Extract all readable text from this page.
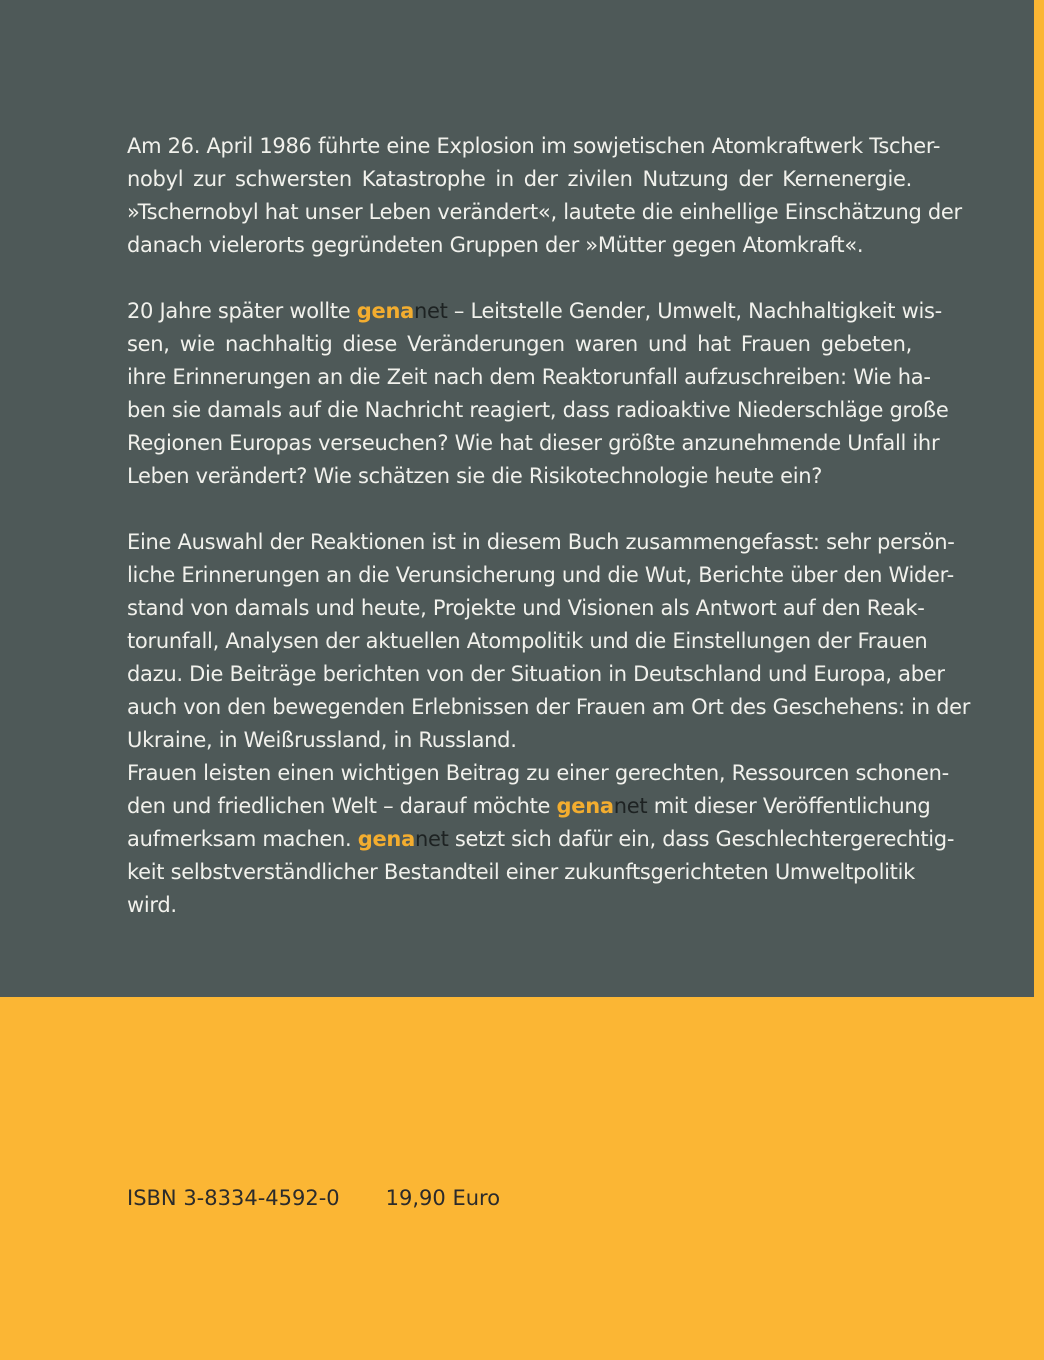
Am 26. April 1986 führte eine Explosion im sowjetischen Atomkraftwerk Tscher-
nobyl zur schwersten Katastrophe in der zivilen Nutzung der Kernenergie.
»Tschernobyl hat unser Leben verändert«, lautete die einhellige Einschätzung der
danach vielerorts gegründeten Gruppen der »Mütter gegen Atomkraft«.

20 Jahre später wollte genanet – Leitstelle Gender, Umwelt, Nachhaltigkeit wis-
sen, wie nachhaltig diese Veränderungen waren und hat Frauen gebeten,
ihre Erinnerungen an die Zeit nach dem Reaktorunfall aufzuschreiben: Wie ha-
ben sie damals auf die Nachricht reagiert, dass radioaktive Niederschläge große
Regionen Europas verseuchen? Wie hat dieser größte anzunehmende Unfall ihr
Leben verändert? Wie schätzen sie die Risikotechnologie heute ein?

Eine Auswahl der Reaktionen ist in diesem Buch zusammengefasst: sehr persön-
liche Erinnerungen an die Verunsicherung und die Wut, Berichte über den Wider-
stand von damals und heute, Projekte und Visionen als Antwort auf den Reak-
torunfall, Analysen der aktuellen Atompolitik und die Einstellungen der Frauen
dazu. Die Beiträge berichten von der Situation in Deutschland und Europa, aber
auch von den bewegenden Erlebnissen der Frauen am Ort des Geschehens: in der
Ukraine, in Weißrussland, in Russland.

Frauen leisten einen wichtigen Beitrag zu einer gerechten, Ressourcen schonen-
den und friedlichen Welt – darauf möchte genanet mit dieser Veröffentlichung
aufmerksam machen. genanet setzt sich dafür ein, dass Geschlechtergerechtig-
keit selbstverständlicher Bestandteil einer zukunftsgerichteten Umweltpolitik
wird.

ISBN 3-8334-4592-0 19,90 Euro
